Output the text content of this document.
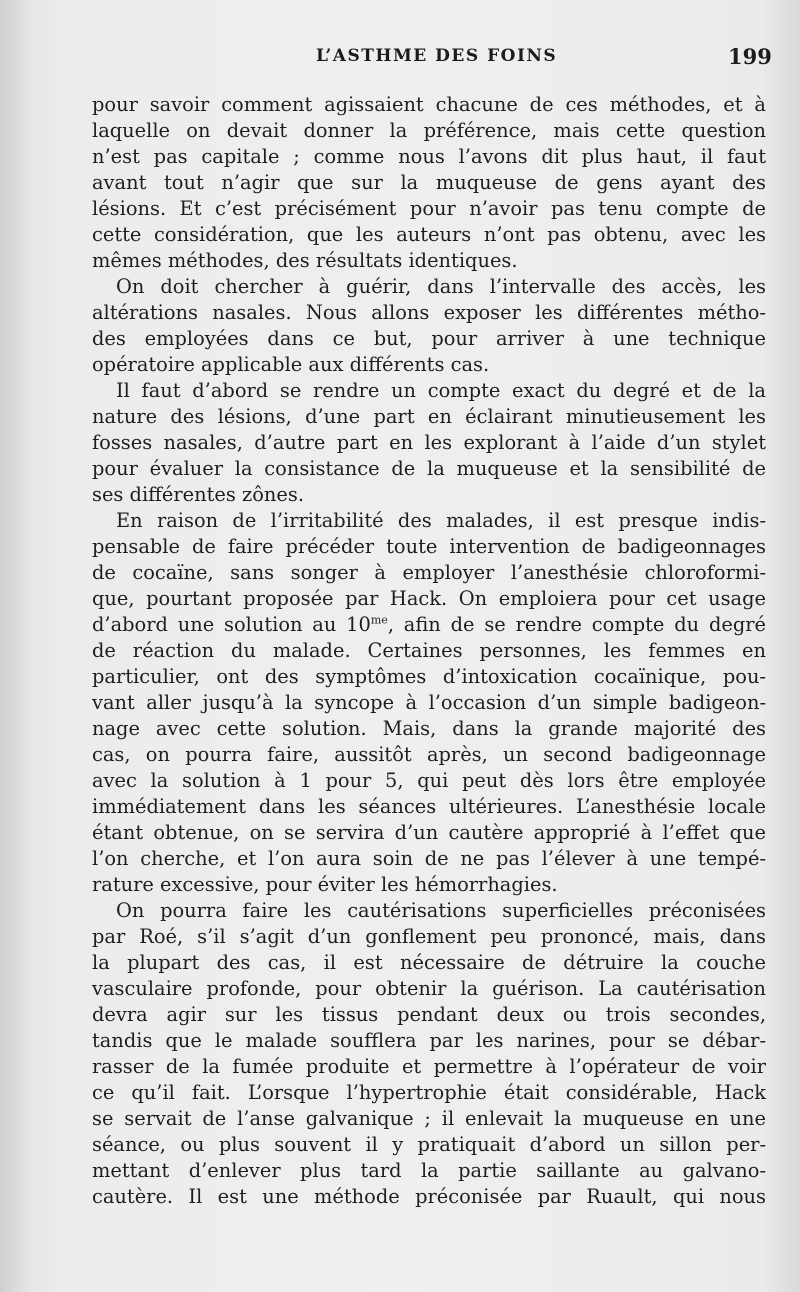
L’ASTHME DES FOINS	199
pour savoir comment agissaient chacune de ces méthodes, et à
laquelle on devait donner la préférence, mais cette question
n’est pas capitale ; comme nous l’avons dit plus haut, il faut
avant tout n’agir que sur la muqueuse de gens ayant des
lésions. Et c’est précisément pour n’avoir pas tenu compte de
cette considération, que les auteurs n’ont pas obtenu, avec les
mêmes méthodes, des résultats identiques.
On doit chercher à guérir, dans l’intervalle des accès, les
altérations nasales. Nous allons exposer les différentes métho-
des employées dans ce but, pour arriver à une technique
opératoire applicable aux différents cas.
Il faut d’abord se rendre un compte exact du degré et de la
nature des lésions, d’une part en éclairant minutieusement les
fosses nasales, d’autre part en les explorant à l’aide d’un stylet
pour évaluer la consistance de la muqueuse et la sensibilité de
ses différentes zônes.
En raison de l’irritabilité des malades, il est presque indis-
pensable de faire précéder toute intervention de badigeonnages
de cocaïne, sans songer à employer l’anesthésie chloroformi-
que, pourtant proposée par Hack. On emploiera pour cet usage
d’abord une solution au $10^{me}$, afin de se rendre compte du degré
de réaction du malade. Certaines personnes, les femmes en
particulier, ont des symptômes d’intoxication cocaïnique, pou-
vant aller jusqu’à la syncope à l’occasion d’un simple badigeon-
nage avec cette solution. Mais, dans la grande majorité des
cas, on pourra faire, aussitôt après, un second badigeonnage
avec la solution à 1 pour 5, qui peut dès lors être employée
immédiatement dans les séances ultérieures. L’anesthésie locale
étant obtenue, on se servira d’un cautère approprié à l’effet que
l’on cherche, et l’on aura soin de ne pas l’élever à une tempé-
rature excessive, pour éviter les hémorrhagies.
On pourra faire les cautérisations superficielles préconisées
par Roé, s’il s’agit d’un gonflement peu prononcé, mais, dans
la plupart des cas, il est nécessaire de détruire la couche
vasculaire profonde, pour obtenir la guérison. La cautérisation
devra agir sur les tissus pendant deux ou trois secondes,
tandis que le malade soufflera par les narines, pour se débar-
rasser de la fumée produite et permettre à l’opérateur de voir
ce qu’il fait. L’orsque l’hypertrophie était considérable, Hack
se servait de l’anse galvanique ; il enlevait la muqueuse en une
séance, ou plus souvent il y pratiquait d’abord un sillon per-
mettant d’enlever plus tard la partie saillante au galvano-
cautère. Il est une méthode préconisée par Ruault, qui nous
